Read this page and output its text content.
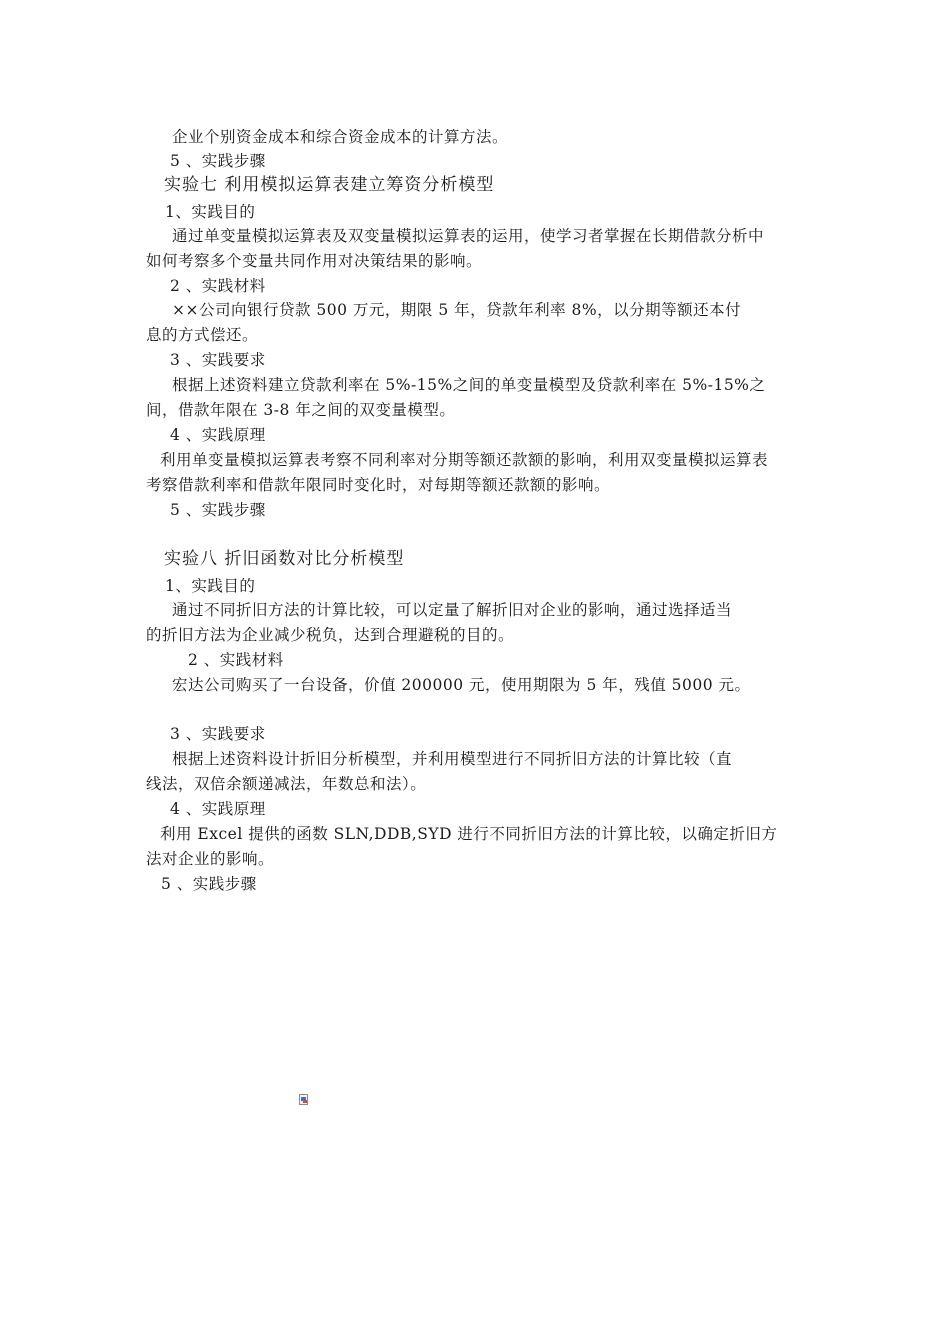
企业个别资金成本和综合资金成本的计算方法。
5 、实践步骤
实验七 利用模拟运算表建立筹资分析模型
1、实践目的
通过单变量模拟运算表及双变量模拟运算表的运用，使学习者掌握在长期借款分析中
如何考察多个变量共同作用对决策结果的影响。
2 、实践材料
××公司向银行贷款 500 万元，期限 5 年，贷款年利率 8%，以分期等额还本付
息的方式偿还。
3 、实践要求
根据上述资料建立贷款利率在 5%-15%之间的单变量模型及贷款利率在 5%-15%之
间，借款年限在 3-8 年之间的双变量模型。
4 、实践原理
利用单变量模拟运算表考察不同利率对分期等额还款额的影响，利用双变量模拟运算表
考察借款利率和借款年限同时变化时，对每期等额还款额的影响。
5 、实践步骤
实验八 折旧函数对比分析模型
1、实践目的
通过不同折旧方法的计算比较，可以定量了解折旧对企业的影响，通过选择适当
的折旧方法为企业减少税负，达到合理避税的目的。
2 、实践材料
宏达公司购买了一台设备，价值 200000 元，使用期限为 5 年，残值 5000 元。
3 、实践要求
根据上述资料设计折旧分析模型，并利用模型进行不同折旧方法的计算比较（直
线法，双倍余额递减法，年数总和法）。
4 、实践原理
利用 Excel 提供的函数 SLN,DDB,SYD 进行不同折旧方法的计算比较，以确定折旧方
法对企业的影响。
5 、实践步骤
